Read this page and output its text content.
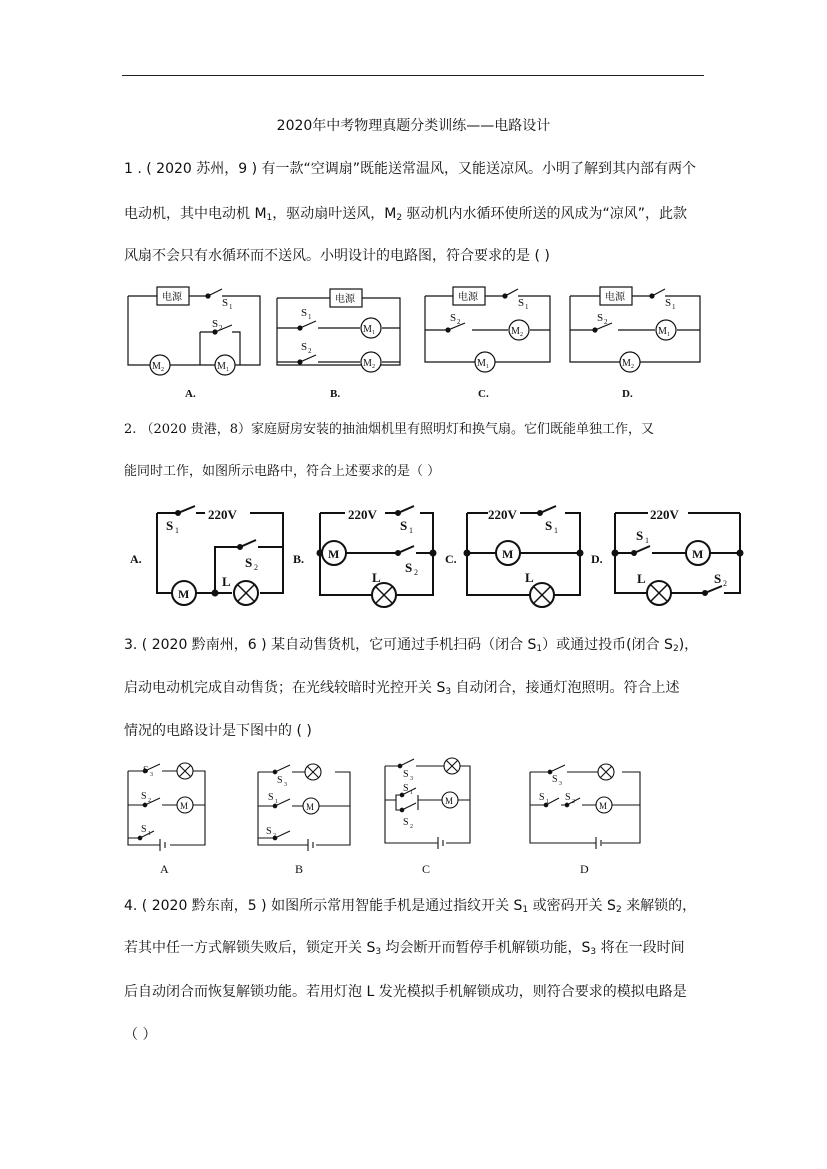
2020年中考物理真题分类训练——电路设计
1 . ( 2020 苏州，9 ) 有一款“空调扇”既能送常温风，又能送凉风。小明了解到其内部有两个
电动机，其中电动机 $M_1$，驱动扇叶送风，$M_2$ 驱动机内水循环使所送的风成为“凉风”，此款
风扇不会只有水循环而不送风。小明设计的电路图，符合要求的是 ( )
电源	S 1
S 2
M 2	M 1
A.
电源
S 1
M 1
S 2
M 2
B.
电源	S 1
S 2
M 2
M 1
C.
电源	S 1
S 2
M 1
M 2
D.
2. （2020 贵港，8）家庭厨房安装的抽油烟机里有照明灯和换气扇。它们既能单独工作，又
能同时工作，如图所示电路中，符合上述要求的是（ ）
A.
220V
S 1
S 2
M
L
B.
220V
S 1
M
S 2
L
C.
220V
S 1
M
L
D.
220V
S 1
M
L	S 2
3. ( 2020 黔南州，6 ) 某自动售货机，它可通过手机扫码（闭合 $S_1$）或通过投币(闭合 $S_2$)，
启动电动机完成自动售货；在光线较暗时光控开关 $S_3$ 自动闭合，接通灯泡照明。符合上述
情况的电路设计是下图中的 ( )
S 3
S 2	M
S 1
A
S 3
S 1	M
S 2
B
S 3
S 1
S 2
M
C
S 3
S 1 S 2	M
D
4. ( 2020 黔东南，5 ) 如图所示常用智能手机是通过指纹开关 $S_1$ 或密码开关 $S_2$ 来解锁的，
若其中任一方式解锁失败后，锁定开关 $S_3$ 均会断开而暂停手机解锁功能，$S_3$ 将在一段时间
后自动闭合而恢复解锁功能。若用灯泡 L 发光模拟手机解锁成功，则符合要求的模拟电路是
（ ）
